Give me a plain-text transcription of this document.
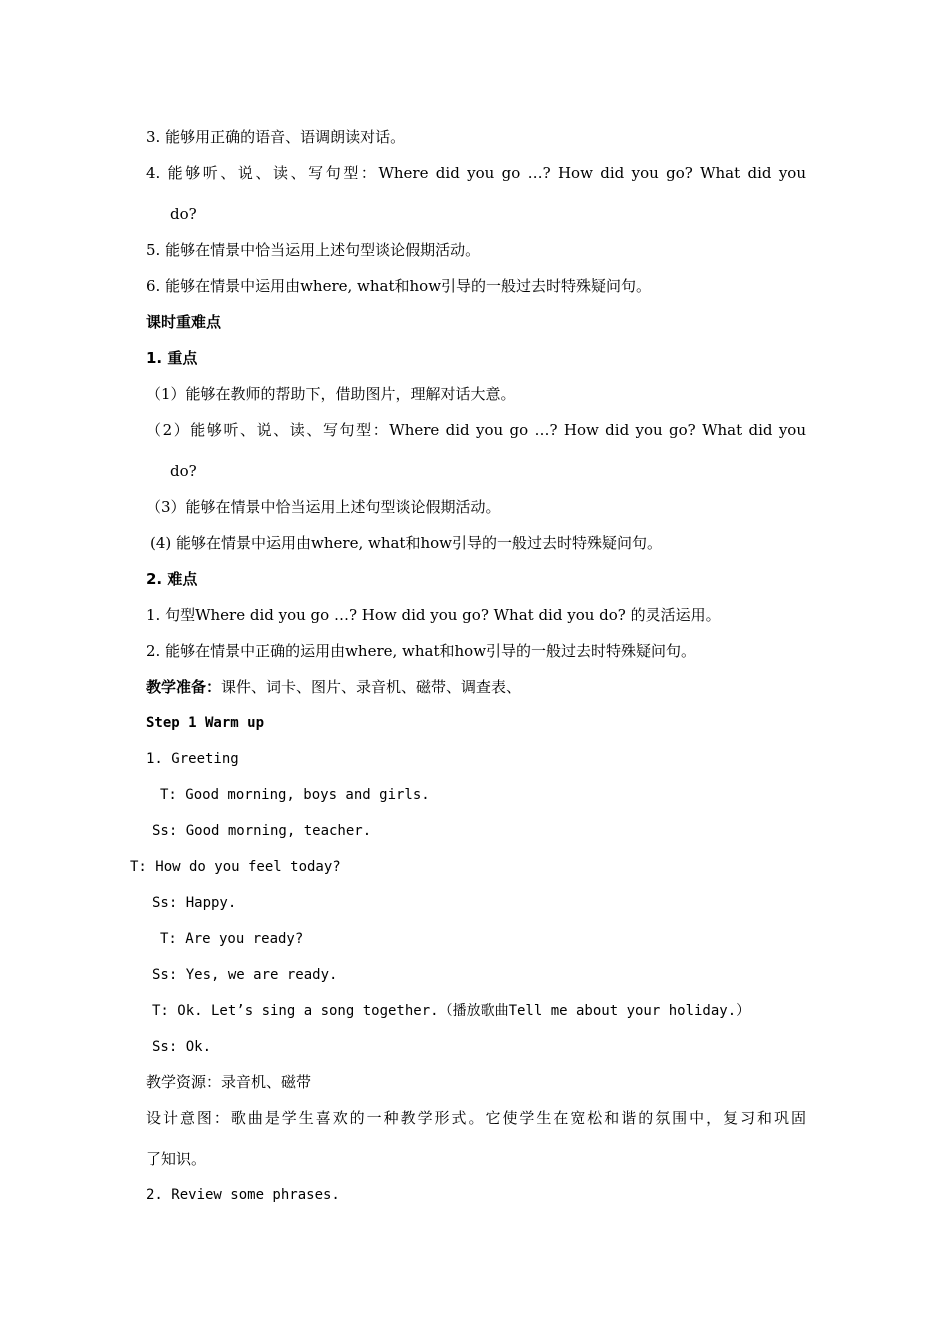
3. 能够用正确的语音、语调朗读对话。
4. 能够听、说、读、写句型：Where did you go …? How did you go? What did you
do?
5. 能够在情景中恰当运用上述句型谈论假期活动。
6. 能够在情景中运用由where, what和how引导的一般过去时特殊疑问句。
课时重难点
1. 重点
（1）能够在教师的帮助下，借助图片，理解对话大意。
（2）能够听、说、读、写句型：Where did you go …? How did you go? What did you
do?
（3）能够在情景中恰当运用上述句型谈论假期活动。
(4) 能够在情景中运用由where, what和how引导的一般过去时特殊疑问句。
2. 难点
1. 句型Where did you go …? How did you go? What did you do? 的灵活运用。
2. 能够在情景中正确的运用由where, what和how引导的一般过去时特殊疑问句。
教学准备：课件、词卡、图片、录音机、磁带、调查表、
Step 1 Warm up
1. Greeting
T: Good morning, boys and girls.
Ss: Good morning, teacher.
T: How do you feel today?
Ss: Happy.
T: Are you ready?
Ss: Yes, we are ready.
T: Ok. Let’s sing a song together.（播放歌曲Tell me about your holiday.）
Ss: Ok.
教学资源：录音机、磁带
设计意图：歌曲是学生喜欢的一种教学形式。它使学生在宽松和谐的氛围中，复习和巩固
了知识。
2. Review some phrases.
